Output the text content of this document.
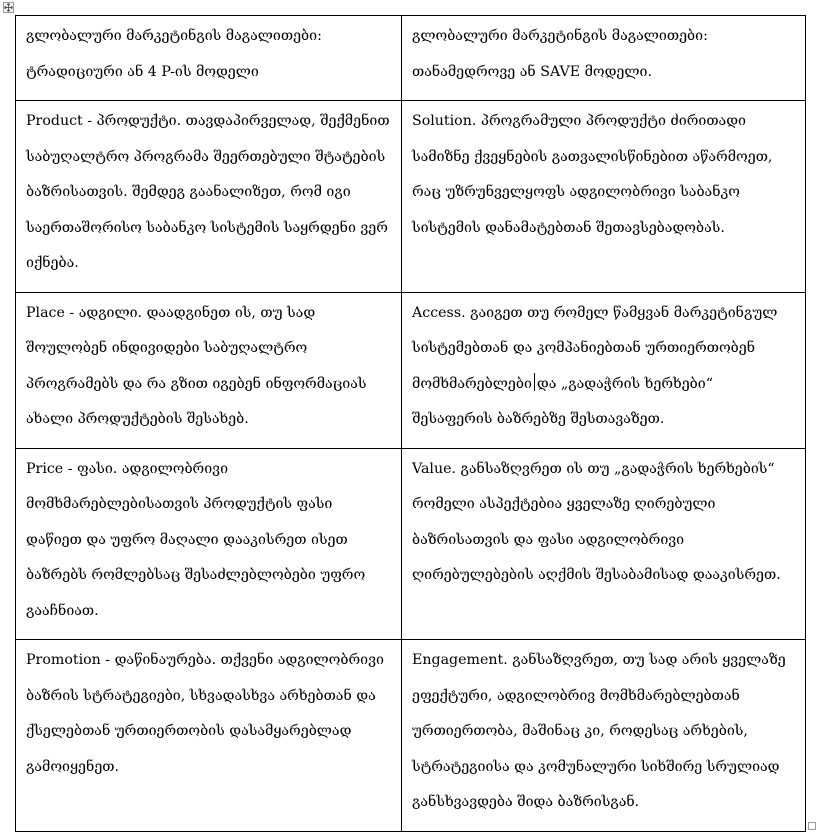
გლობალური მარკეტინგის მაგალითები: ტრადიციური ან 4 P-ის მოდელი	გლობალური მარკეტინგის მაგალითები: თანამედროვე ან SAVE მოდელი.
Product - პროდუქტი. თავდაპირველად, შექმენით საბუღალტრო პროგრამა შეერთებული შტატების ბაზრისათვის. შემდეგ გაანალიზეთ, რომ იგი საერთაშორისო საბანკო სისტემის საყრდენი ვერ იქნება.	Solution. პროგრამული პროდუქტი ძირითადი სამიზნე ქვეყნების გათვალისწინებით აწარმოეთ, რაც უზრუნველყოფს ადგილობრივი საბანკო სისტემის დანამატებთან შეთავსებადობას.
Place - ადგილი. დაადგინეთ ის, თუ სად შოულობენ ინდივიდები საბუღალტრო პროგრამებს და რა გზით იგებენ ინფორმაციას ახალი პროდუქტების შესახებ.	Access. გაიგეთ თუ რომელ წამყვან მარკეტინგულ სისტემებთან და კომპანიებთან ურთიერთობენ მომხმარებლები და „გადაჭრის ხერხები“ შესაფერის ბაზრებზე შესთავაზეთ.
Price - ფასი. ადგილობრივი მომხმარებლებისათვის პროდუქტის ფასი დაწიეთ და უფრო მაღალი დააკისრეთ ისეთ ბაზრებს რომლებსაც შესაძლებლობები უფრო გააჩნიათ.	Value. განსაზღვრეთ ის თუ „გადაჭრის ხერხების“ რომელი ასპექტებია ყველაზე ღირებული ბაზრისათვის და ფასი ადგილობრივი ღირებულებების აღქმის შესაბამისად დააკისრეთ.
Promotion - დაწინაურება. თქვენი ადგილობრივი ბაზრის სტრატეგიები, სხვადასხვა არხებთან და ქსელებთან ურთიერთობის დასამყარებლად გამოიყენეთ.	Engagement. განსაზღვრეთ, თუ სად არის ყველაზე ეფექტური, ადგილობრივ მომხმარებლებთან ურთიერთობა, მაშინაც კი, როდესაც არხების, სტრატეგიისა და კომუნალური სიხშირე სრულიად განსხვავდება შიდა ბაზრისგან.
